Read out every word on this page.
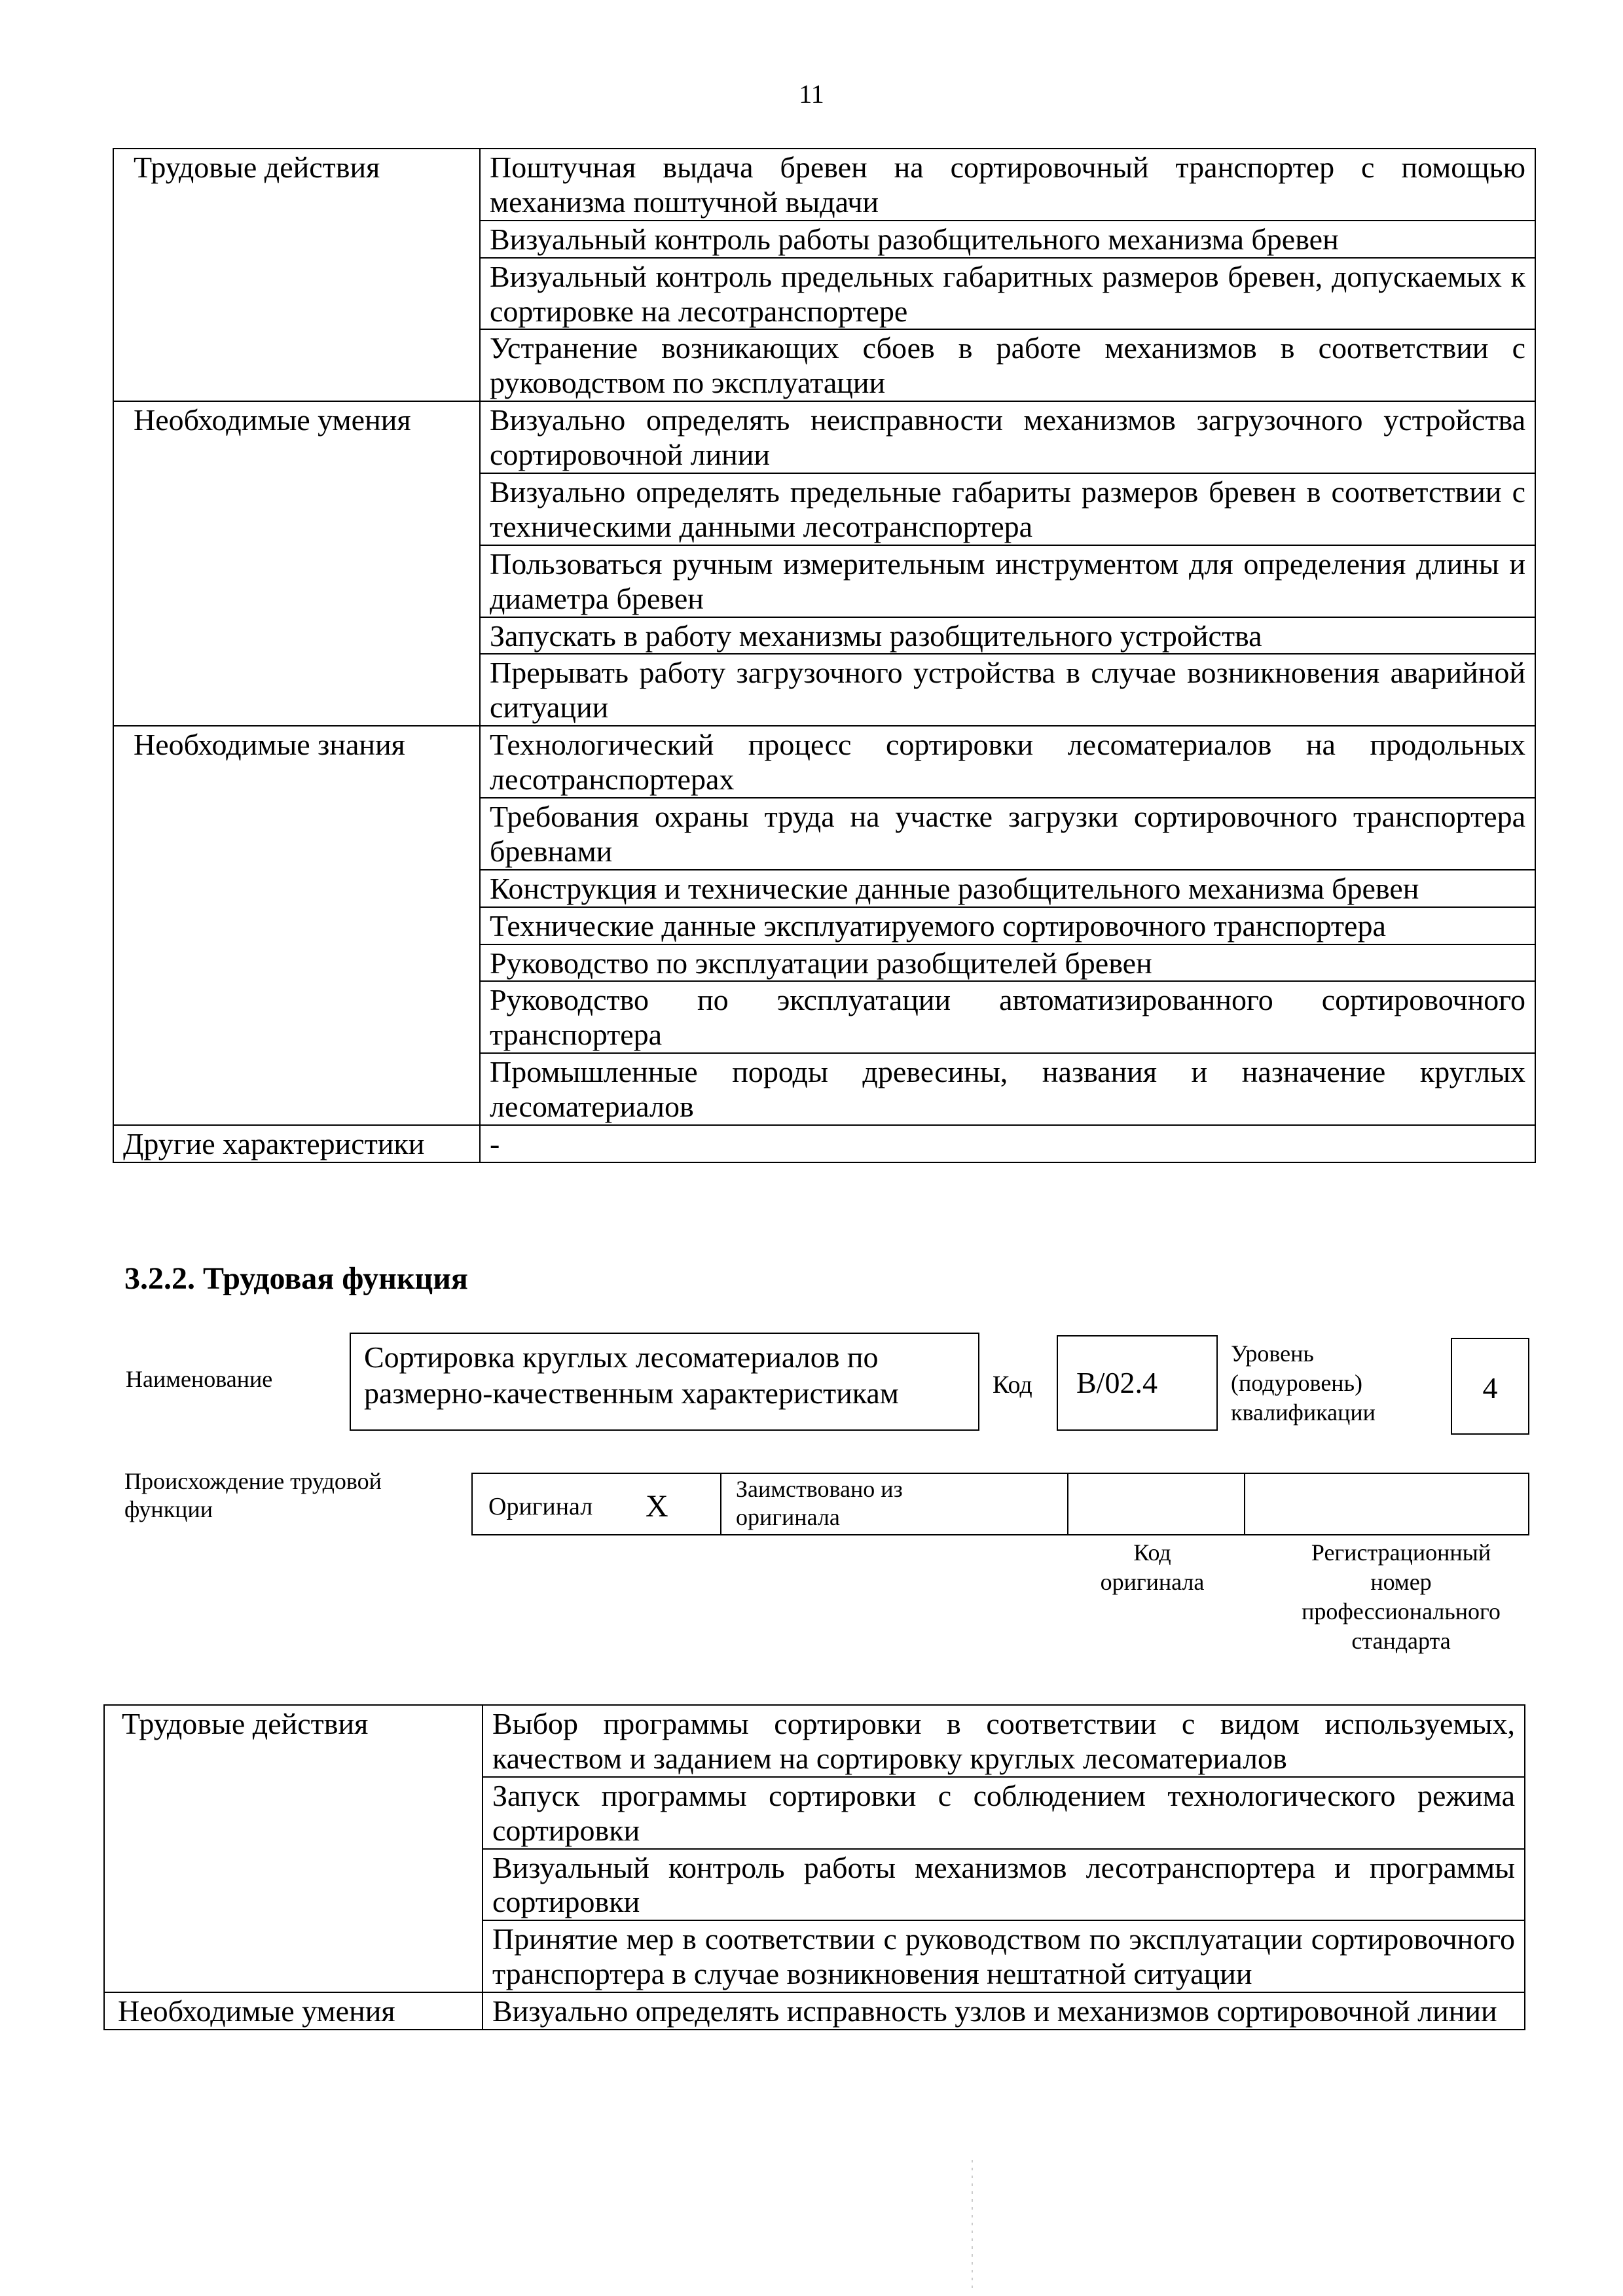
11
Трудовые действия	Поштучная выдача бревен на сортировочный транспортер с помощью механизма поштучной выдачи
	Визуальный контроль работы разобщительного механизма бревен
	Визуальный контроль предельных габаритных размеров бревен, допускаемых к сортировке на лесотранспортере
	Устранение возникающих сбоев в работе механизмов в соответствии с руководством по эксплуатации
Необходимые умения	Визуально определять неисправности механизмов загрузочного устройства сортировочной линии
	Визуально определять предельные габариты размеров бревен в соответствии с техническими данными лесотранспортера
	Пользоваться ручным измерительным инструментом для определения длины и диаметра бревен
	Запускать в работу механизмы разобщительного устройства
	Прерывать работу загрузочного устройства в случае возникновения аварийной ситуации
Необходимые знания	Технологический процесс сортировки лесоматериалов на продольных лесотранспортерах
	Требования охраны труда на участке загрузки сортировочного транспортера бревнами
	Конструкция и технические данные разобщительного механизма бревен
	Технические данные эксплуатируемого сортировочного транспортера
	Руководство по эксплуатации разобщителей бревен
	Руководство по эксплуатации автоматизированного сортировочного транспортера
	Промышленные породы древесины, названия и назначение круглых лесоматериалов
Другие характеристики	-
3.2.2. Трудовая функция
Наименование
Сортировка круглых лесоматериалов по размерно-качественным характеристикам	Код	B/02.4
Уровень
(подуровень)
квалификации
4
Происхождение трудовой
функции	Оригинал X	Заимствовано из
оригинала
Код
оригинала
Регистрационный
номер
профессионального
стандарта
Трудовые действия	Выбор программы сортировки в соответствии с видом используемых, качеством и заданием на сортировку круглых лесоматериалов
	Запуск программы сортировки с соблюдением технологического режима сортировки
	Визуальный контроль работы механизмов лесотранспортера и программы сортировки
	Принятие мер в соответствии с руководством по эксплуатации сортировочного транспортера в случае возникновения нештатной ситуации
Необходимые умения	Визуально определять исправность узлов и механизмов сортировочной линии
